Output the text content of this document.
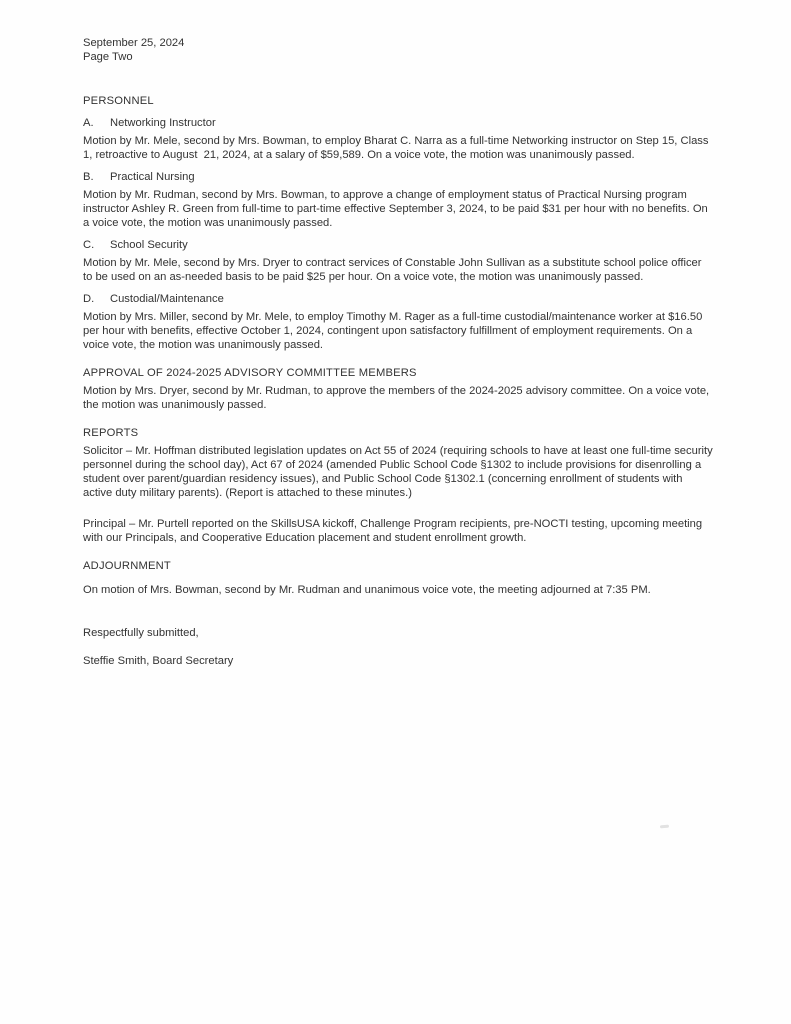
September 25, 2024
Page Two
PERSONNEL
A. Networking Instructor

Motion by Mr. Mele, second by Mrs. Bowman, to employ Bharat C. Narra as a full-time Networking instructor on Step 15, Class 1, retroactive to August  21, 2024, at a salary of $59,589. On a voice vote, the motion was unanimously passed.

B. Practical Nursing

Motion by Mr. Rudman, second by Mrs. Bowman, to approve a change of employment status of Practical Nursing program instructor Ashley R. Green from full-time to part-time effective September 3, 2024, to be paid $31 per hour with no benefits. On a voice vote, the motion was unanimously passed.

C. School Security

Motion by Mr. Mele, second by Mrs. Dryer to contract services of Constable John Sullivan as a substitute school police officer to be used on an as-needed basis to be paid $25 per hour. On a voice vote, the motion was unanimously passed.

D. Custodial/Maintenance

Motion by Mrs. Miller, second by Mr. Mele, to employ Timothy M. Rager as a full-time custodial/maintenance worker at $16.50 per hour with benefits, effective October 1, 2024, contingent upon satisfactory fulfillment of employment requirements. On a voice vote, the motion was unanimously passed.

APPROVAL OF 2024-2025 ADVISORY COMMITTEE MEMBERS

Motion by Mrs. Dryer, second by Mr. Rudman, to approve the members of the 2024-2025 advisory committee. On a voice vote, the motion was unanimously passed.

REPORTS

Solicitor – Mr. Hoffman distributed legislation updates on Act 55 of 2024 (requiring schools to have at least one full-time security personnel during the school day), Act 67 of 2024 (amended Public School Code §1302 to include provisions for disenrolling a student over parent/guardian residency issues), and Public School Code §1302.1 (concerning enrollment of students with active duty military parents). (Report is attached to these minutes.)

Principal – Mr. Purtell reported on the SkillsUSA kickoff, Challenge Program recipients, pre-NOCTI testing, upcoming meeting with our Principals, and Cooperative Education placement and student enrollment growth.

ADJOURNMENT

On motion of Mrs. Bowman, second by Mr. Rudman and unanimous voice vote, the meeting adjourned at 7:35 PM.

Respectfully submitted,

Steffie Smith, Board Secretary
